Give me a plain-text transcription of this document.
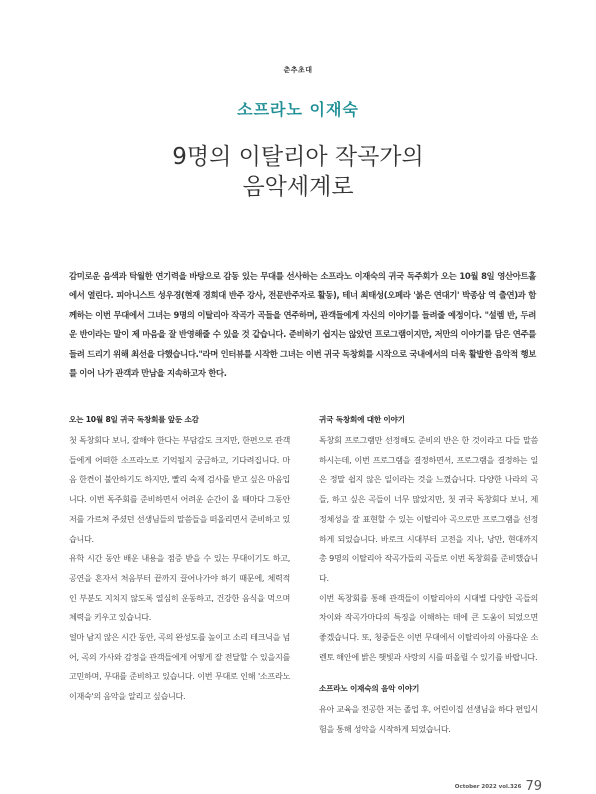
춘추초대
소프라노 이재숙
9명의 이탈리아 작곡가의
음악세계로

감미로운 음색과 탁월한 연기력을 바탕으로 감동 있는 무대를 선사하는 소프라노 이재숙의 귀국 독주회가 오는 10월 8일 영산아트홀에서 열린다. 피아니스트 성우경(현재 경희대 반주 강사, 전문반주자로 활동), 테너 최태성(오페라 '붉은 연대기' 박종삼 역 출연)과 함께하는 이번 무대에서 그녀는 9명의 이탈리아 작곡가 곡들을 연주하며, 관객들에게 자신의 이야기를 들려줄 예정이다. "설렘 반, 두려운 반이라는 말이 제 마음을 잘 반영해줄 수 있을 것 같습니다. 준비하기 쉽지는 않았던 프로그램이지만, 저만의 이야기를 담은 연주를 들려 드리기 위해 최선을 다했습니다."라며 인터뷰를 시작한 그녀는 이번 귀국 독창회를 시작으로 국내에서의 더욱 활발한 음악적 행보를 이어 나가 관객과 만남을 지속하고자 한다.

오는 10월 8일 귀국 독창회를 앞둔 소감

첫 독창회다 보니, 잘해야 한다는 부담감도 크지만, 한편으로 관객들에게 어떠한 소프라노로 기억될지 궁금하고, 기다려집니다. 마음 한켠이 불안하기도 하지만, 빨리 숙제 검사를 받고 싶은 마음입니다. 이번 독주회를 준비하면서 어려운 순간이 올 때마다 그동안 저를 가르쳐 주셨던 선생님들의 말씀들을 떠올리면서 준비하고 있습니다.

유학 시간 동안 배운 내용을 점증 받을 수 있는 무대이기도 하고, 공연을 혼자서 처음부터 끝까지 끌어나가야 하기 때문에, 체력적인 부분도 지치지 않도록 열심히 운동하고, 건강한 음식을 먹으며 체력을 키우고 있습니다.

얼마 남지 않은 시간 동안, 곡의 완성도를 높이고 소리 테크닉을 넘어, 곡의 가사와 감정을 관객들에게 어떻게 잘 전달할 수 있을지를 고민하며, 무대를 준비하고 있습니다. 이번 무대로 인해 '소프라노 이재숙'의 음악을 알리고 싶습니다.

귀국 독창회에 대한 이야기

독창회 프로그램만 선정해도 준비의 반은 한 것이라고 다들 말씀하시는데, 이번 프로그램을 결정하면서, 프로그램을 결정하는 일은 정말 쉽지 않은 일이라는 것을 느꼈습니다. 다양한 나라의 곡들, 하고 싶은 곡들이 너무 많았지만, 첫 귀국 독창회다 보니, 제 정체성을 잘 표현할 수 있는 이탈리아 곡으로만 프로그램을 선정하게 되었습니다. 바로크 시대부터 고전을 지나, 낭만, 현대까지 총 9명의 이탈리아 작곡가들의 곡들로 이번 독창회를 준비했습니다.

이번 독창회를 통해 관객들이 이탈리아의 시대별 다양한 곡들의 차이와 작곡가마다의 특징을 이해하는 데에 큰 도움이 되었으면 좋겠습니다. 또, 청중들은 이번 무대에서 이탈리아의 아름다운 소렌토 해안에 밝은 햇빛과 사랑의 시를 떠올릴 수 있기를 바랍니다.

소프라노 이재숙의 음악 이야기

유아 교육을 전공한 저는 졸업 후, 어린이집 선생님을 하다 편입시험을 통해 성악을 시작하게 되었습니다.

October 2022 vol.326 79
